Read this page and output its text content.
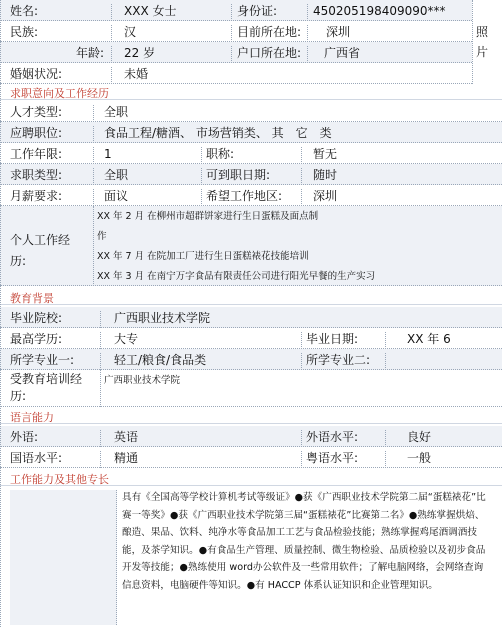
姓名:	XXX 女士	身份证:	450205198409090***
民族:	汉	目前所在地:	深圳
年龄:	22 岁	户口所在地:	广西省
婚姻状况:	未婚
照片
求职意向及工作经历
人才类型:	全职
应聘职位:	食品工程/糖酒、 市场营销类、 其　它　类
工作年限:	1	职称:	暂无
求职类型:	全职	可到职日期:	随时
月薪要求:	面议	希望工作地区:	深圳
个人工作经历:
XX 年 2 月 在柳州市超群饼家进行生日蛋糕及面点制
作
XX 年 7 月 在院加工厂进行生日蛋糕裱花技能培训
XX 年 3 月 在南宁万字食品有限责任公司进行阳光早餐的生产实习
教育背景
毕业院校:	广西职业技术学院
最高学历:	大专	毕业日期:	XX 年 6
所学专业一:	轻工/粮食/食品类	所学专业二:
受教育培训经历:
广西职业技术学院
语言能力
外语:	英语	外语水平:	良好
国语水平:	精通	粤语水平:	一般
工作能力及其他专长
具有《全国高等学校计算机考试等级证》●获《广西职业技术学院第二届“蛋糕裱花”比赛一等奖》●获《广西职业技术学院第三届“蛋糕裱花”比赛第二名》●熟练掌握烘焙、酿造、果品、饮料、纯净水等食品加工工艺与食品检验技能；熟练掌握鸡尾酒调酒技能，及茶学知识。●有食品生产管理、质量控制、微生物检验、品质检验以及初步食品开发等技能；●熟练使用 word办公软件及一些常用软件；了解电脑网络，会网络查询信息资料，电脑硬件等知识。●有 HACCP 体系认证知识和企业管理知识。
